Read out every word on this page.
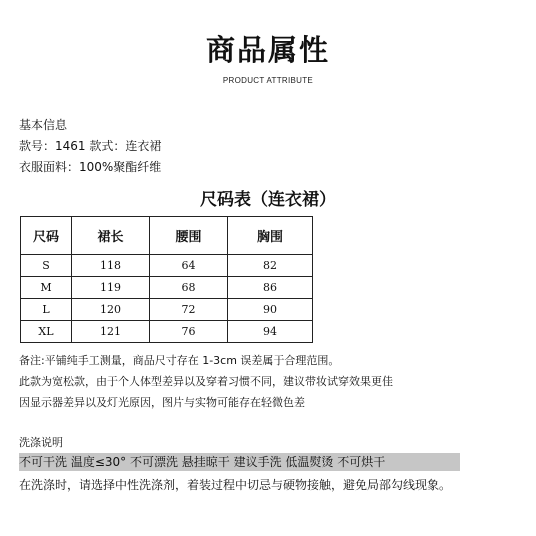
商品属性
PRODUCT ATTRIBUTE
基本信息
款号：1461 款式：连衣裙
衣服面料：100%聚酯纤维
尺码表（连衣裙）
尺码	裙长	腰围	胸围
S	118	64	82
M	119	68	86
L	120	72	90
XL	121	76	94
备注:平铺纯手工测量，商品尺寸存在 1-3cm 误差属于合理范围。
此款为宽松款，由于个人体型差异以及穿着习惯不同，建议带妆试穿效果更佳
因显示器差异以及灯光原因，图片与实物可能存在轻微色差
洗涤说明
不可干洗 温度≤30° 不可漂洗 悬挂晾干 建议手洗 低温熨烫 不可烘干
在洗涤时，请选择中性洗涤剂，着装过程中切忌与硬物接触，避免局部勾线现象。
